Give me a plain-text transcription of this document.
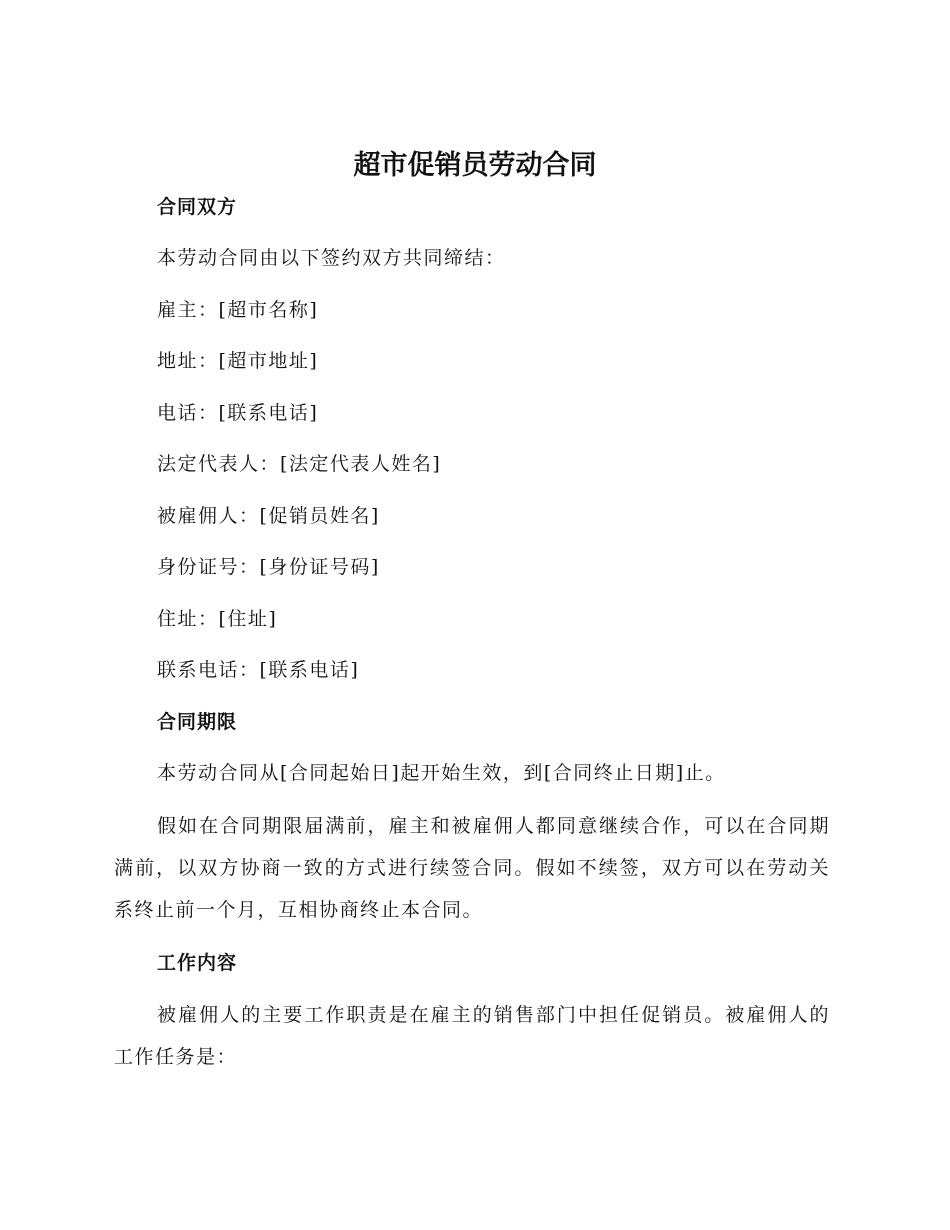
超市促销员劳动合同

合同双方

本劳动合同由以下签约双方共同缔结：

雇主：[超市名称]

地址：[超市地址]

电话：[联系电话]

法定代表人：[法定代表人姓名]

被雇佣人：[促销员姓名]

身份证号：[身份证号码]

住址：[住址]

联系电话：[联系电话]

合同期限

本劳动合同从[合同起始日]起开始生效，到[合同终止日期]止。

假如在合同期限届满前，雇主和被雇佣人都同意继续合作，可以在合同期满前，以双方协商一致的方式进行续签合同。假如不续签，双方可以在劳动关系终止前一个月，互相协商终止本合同。

工作内容

被雇佣人的主要工作职责是在雇主的销售部门中担任促销员。被雇佣人的工作任务是：
